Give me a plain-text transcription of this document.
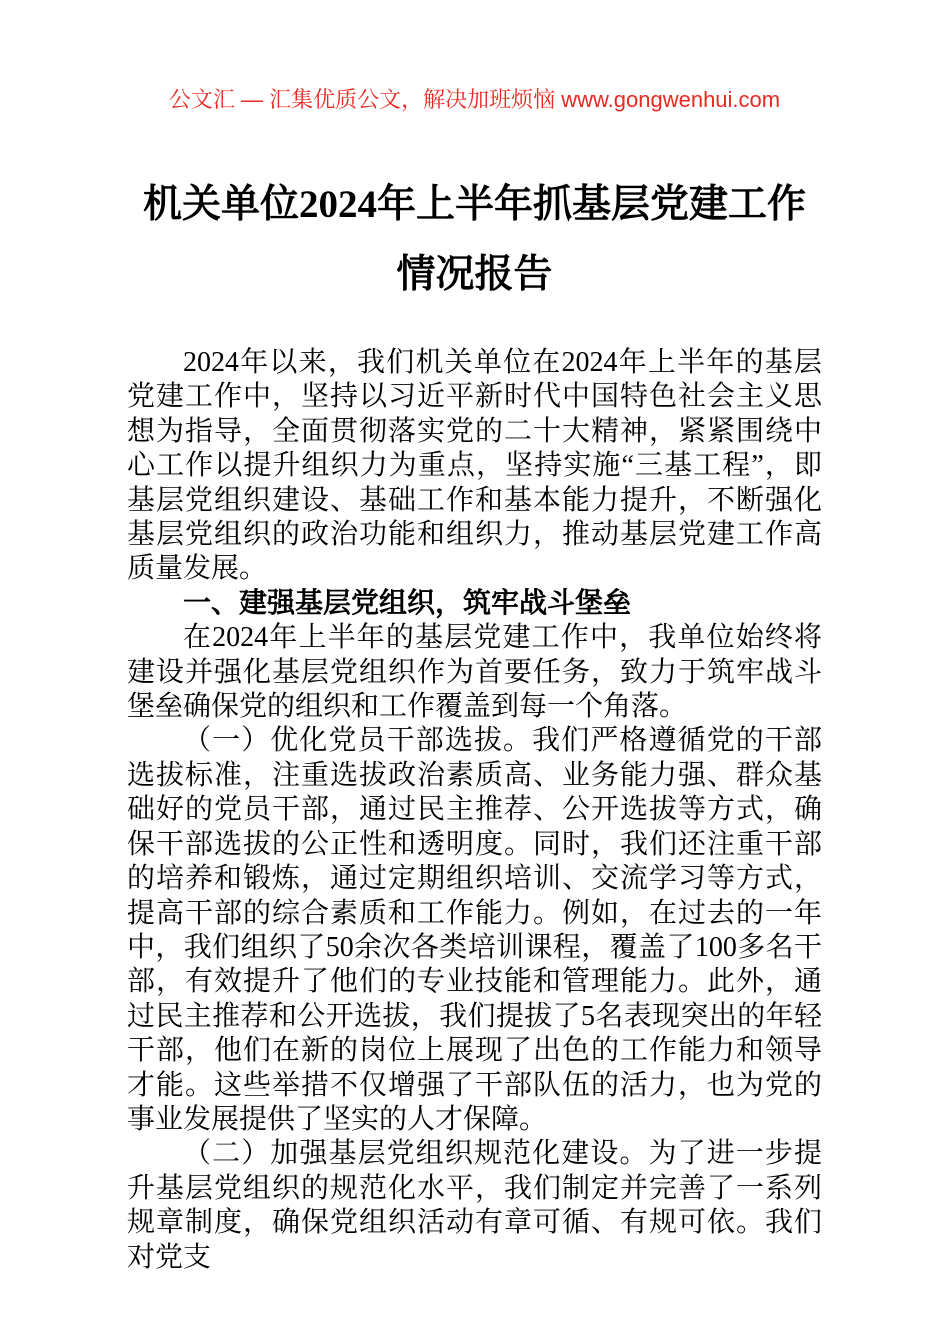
公文汇 — 汇集优质公文，解决加班烦恼 www.gongwenhui.com
机关单位2024年上半年抓基层党建工作情况报告

2024年以来，我们机关单位在2024年上半年的基层党建工作中，坚持以习近平新时代中国特色社会主义思想为指导，全面贯彻落实党的二十大精神，紧紧围绕中心工作以提升组织力为重点，坚持实施“三基工程”，即基层党组织建设、基础工作和基本能力提升，不断强化基层党组织的政治功能和组织力，推动基层党建工作高质量发展。

一、建强基层党组织，筑牢战斗堡垒

在2024年上半年的基层党建工作中，我单位始终将建设并强化基层党组织作为首要任务，致力于筑牢战斗堡垒确保党的组织和工作覆盖到每一个角落。

（一）优化党员干部选拔。我们严格遵循党的干部选拔标准，注重选拔政治素质高、业务能力强、群众基础好的党员干部，通过民主推荐、公开选拔等方式，确保干部选拔的公正性和透明度。同时，我们还注重干部的培养和锻炼，通过定期组织培训、交流学习等方式，提高干部的综合素质和工作能力。例如，在过去的一年中，我们组织了50余次各类培训课程，覆盖了100多名干部，有效提升了他们的专业技能和管理能力。此外，通过民主推荐和公开选拔，我们提拔了5名表现突出的年轻干部，他们在新的岗位上展现了出色的工作能力和领导才能。这些举措不仅增强了干部队伍的活力，也为党的事业发展提供了坚实的人才保障。

（二）加强基层党组织规范化建设。为了进一步提升基层党组织的规范化水平，我们制定并完善了一系列规章制度，确保党组织活动有章可循、有规可依。我们对党支
